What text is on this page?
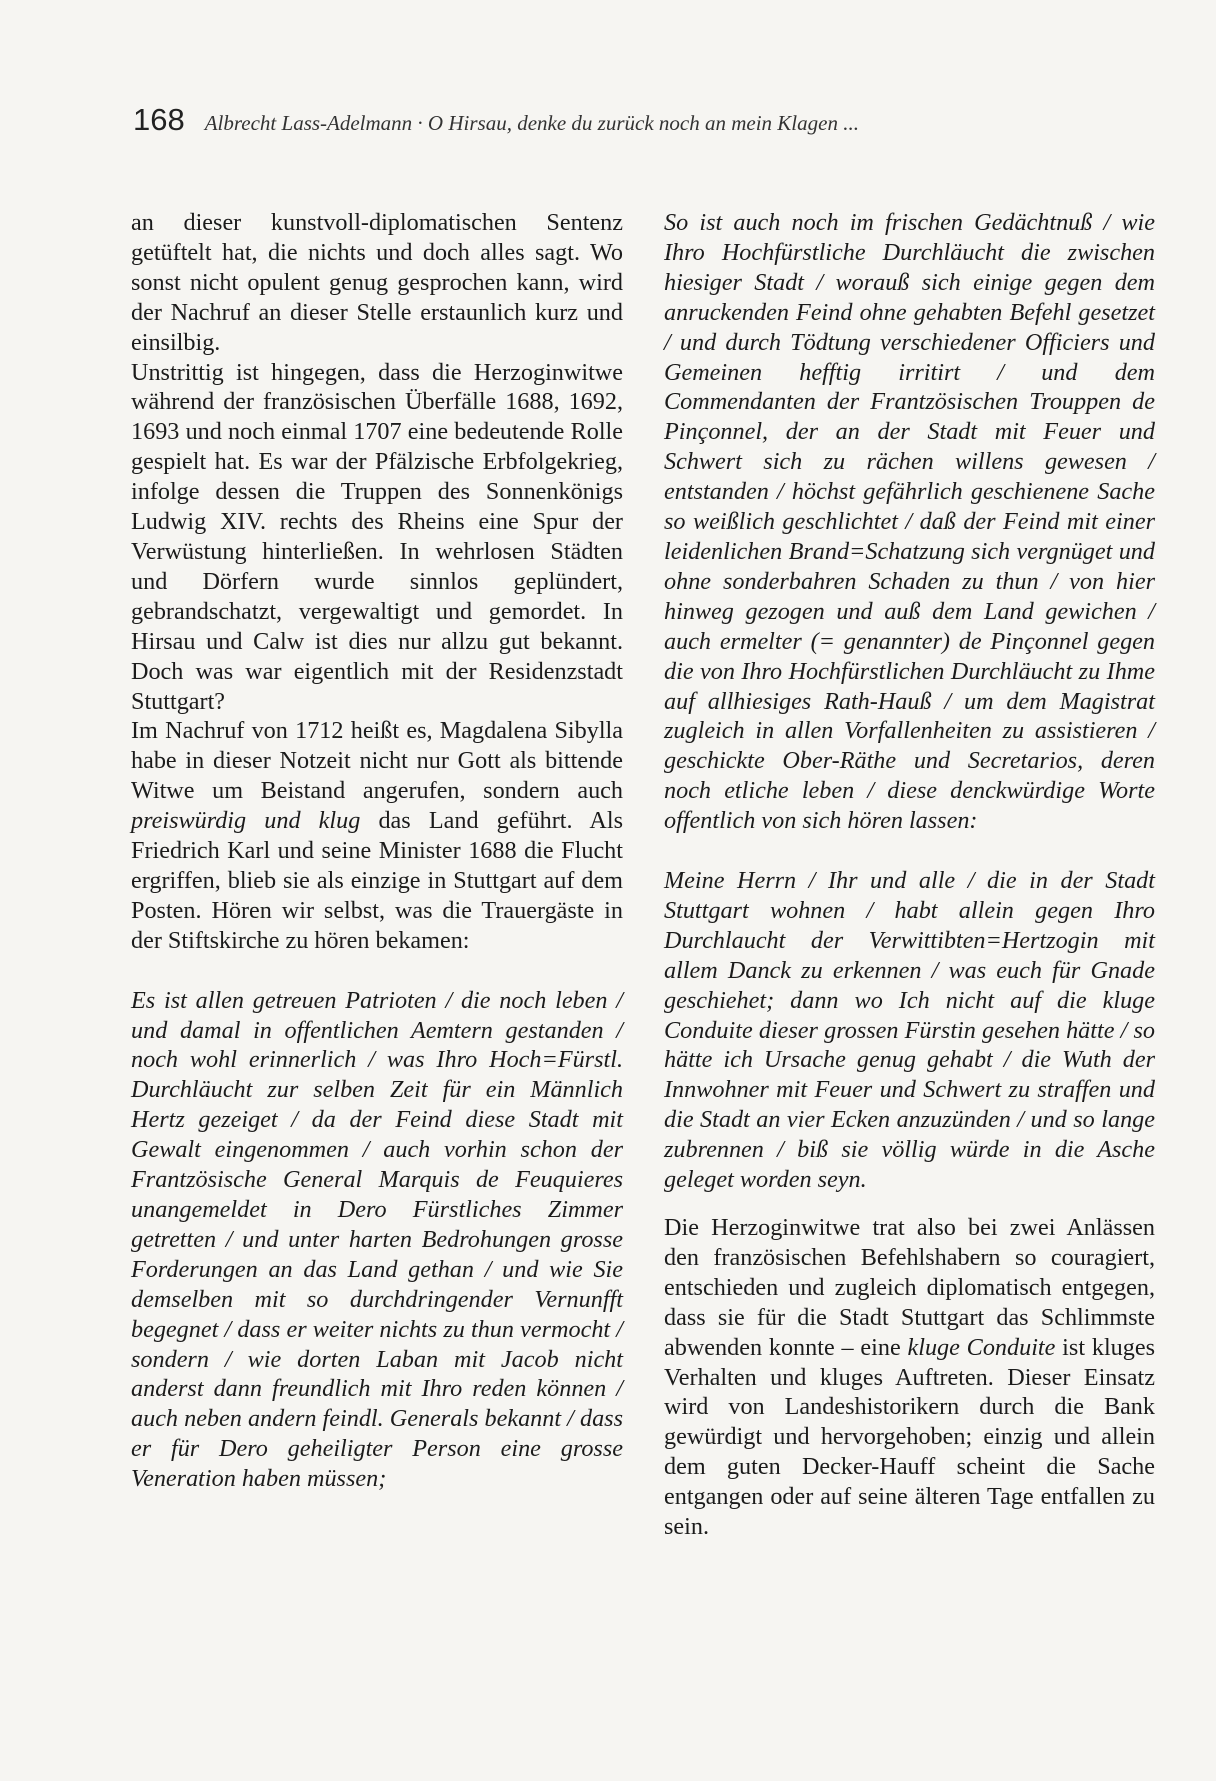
168 Albrecht Lass-Adelmann · O Hirsau, denke du zurück noch an mein Klagen ...

an dieser kunstvoll-diplomatischen Sentenz getüftelt hat, die nichts und doch alles sagt. Wo sonst nicht opulent genug gesprochen kann, wird der Nachruf an dieser Stelle erstaunlich kurz und einsilbig.

Unstrittig ist hingegen, dass die Herzoginwitwe während der französischen Überfälle 1688, 1692, 1693 und noch einmal 1707 eine bedeutende Rolle gespielt hat. Es war der Pfälzische Erbfolgekrieg, infolge dessen die Truppen des Sonnenkönigs Ludwig XIV. rechts des Rheins eine Spur der Verwüstung hinterließen. In wehrlosen Städten und Dörfern wurde sinnlos geplündert, gebrandschatzt, vergewaltigt und gemordet. In Hirsau und Calw ist dies nur allzu gut bekannt. Doch was war eigentlich mit der Residenzstadt Stuttgart?

Im Nachruf von 1712 heißt es, Magdalena Sibylla habe in dieser Notzeit nicht nur Gott als bittende Witwe um Beistand angerufen, sondern auch preiswürdig und klug das Land geführt. Als Friedrich Karl und seine Minister 1688 die Flucht ergriffen, blieb sie als einzige in Stuttgart auf dem Posten. Hören wir selbst, was die Trauergäste in der Stiftskirche zu hören bekamen:

Es ist allen getreuen Patrioten / die noch leben / und damal in offentlichen Aemtern gestanden / noch wohl erinnerlich / was Ihro Hoch=Fürstl. Durchläucht zur selben Zeit für ein Männlich Hertz gezeiget / da der Feind diese Stadt mit Gewalt eingenommen / auch vorhin schon der Frantzösische General Marquis de Feuquieres unangemeldet in Dero Fürstliches Zimmer getretten / und unter harten Bedrohungen grosse Forderungen an das Land gethan / und wie Sie demselben mit so durchdringender Vernunfft begegnet / dass er weiter nichts zu thun vermocht / sondern / wie dorten Laban mit Jacob nicht anderst dann freundlich mit Ihro reden können / auch neben andern feindl. Generals bekannt / dass er für Dero geheiligter Person eine grosse Veneration haben müssen;

So ist auch noch im frischen Gedächtnuß / wie Ihro Hochfürstliche Durchläucht die zwischen hiesiger Stadt / worauß sich einige gegen dem anruckenden Feind ohne gehabten Befehl gesetzet / und durch Tödtung verschiedener Officiers und Gemeinen hefftig irritirt / und dem Commendanten der Frantzösischen Trouppen de Pinçonnel, der an der Stadt mit Feuer und Schwert sich zu rächen willens gewesen / entstanden / höchst gefährlich geschienene Sache so weißlich geschlichtet / daß der Feind mit einer leidenlichen Brand=Schatzung sich vergnüget und ohne sonderbahren Schaden zu thun / von hier hinweg gezogen und auß dem Land gewichen / auch ermelter (= genannter) de Pinçonnel gegen die von Ihro Hochfürstlichen Durchläucht zu Ihme auf allhiesiges Rath-Hauß / um dem Magistrat zugleich in allen Vorfallenheiten zu assistieren / geschickte Ober-Räthe und Secretarios, deren noch etliche leben / diese denckwürdige Worte offentlich von sich hören lassen:

Meine Herrn / Ihr und alle / die in der Stadt Stuttgart wohnen / habt allein gegen Ihro Durchlaucht der Verwittibten=Hertzogin mit allem Danck zu erkennen / was euch für Gnade geschiehet; dann wo Ich nicht auf die kluge Conduite dieser grossen Fürstin gesehen hätte / so hätte ich Ursache genug gehabt / die Wuth der Innwohner mit Feuer und Schwert zu straffen und die Stadt an vier Ecken anzuzünden / und so lange zubrennen / biß sie völlig würde in die Asche geleget worden seyn.

Die Herzoginwitwe trat also bei zwei Anlässen den französischen Befehlshabern so couragiert, entschieden und zugleich diplomatisch entgegen, dass sie für die Stadt Stuttgart das Schlimmste abwenden konnte – eine kluge Conduite ist kluges Verhalten und kluges Auftreten. Dieser Einsatz wird von Landeshistorikern durch die Bank gewürdigt und hervorgehoben; einzig und allein dem guten Decker-Hauff scheint die Sache entgangen oder auf seine älteren Tage entfallen zu sein.
